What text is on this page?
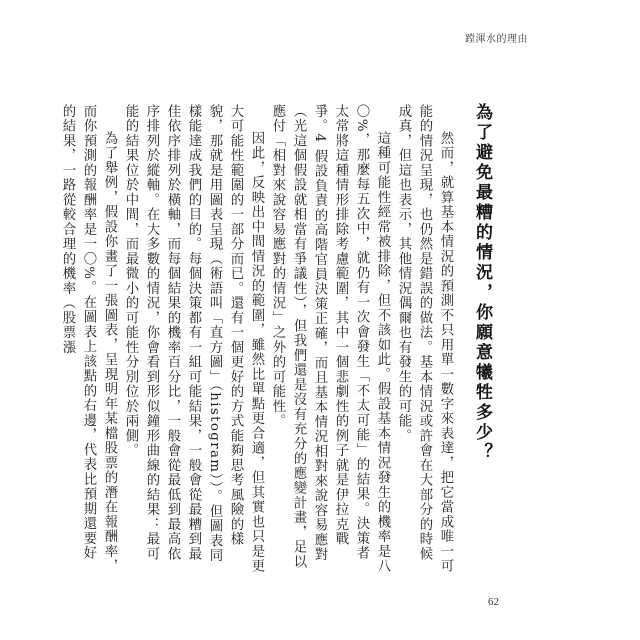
蹚渾水的理由
為了避免最糟的情況，你願意犧牲多少？

然而，就算基本情況的預測不只用單一數字來表達，把它當成唯一可能的情況呈現，也仍然是錯誤的做法。基本情況或許會在大部分的時候成真，但這也表示，其他情況偶爾也有發生的可能。

這種可能性經常被排除，但不該如此。假設基本情況發生的機率是八〇%，那麼每五次中，就仍有一次會發生「不太可能」的結果。決策者太常將這種情形排除考慮範圍，其中一個悲劇性的例子就是伊拉克戰爭。4 假設負責的高階官員決策正確，而且基本情況相對來說容易應對（光這個假設就相當有爭議性），但我們還是沒有充分的應變計畫，足以應付「相對來說容易應對的情況」之外的可能性。

因此，反映出中間情況的範圍，雖然比單點更合適，但其實也只是更大可能性範圍的一部分而已。還有一個更好的方式能夠思考風險的樣貌，那就是用圖表呈現（術語叫「直方圖」（histogram））。但圖表同樣能達成我們的目的。每個決策都有一組可能結果，一般會從最糟到最佳依序排列於橫軸，而每個結果的機率百分比，一般會從最低到最高依序排列於縱軸。在大多數的情況，你會看到形似鐘形曲線的結果：最可能的結果位於中間，而最微小的可能性分別位於兩側。

為了舉例，假設你畫了一張圖表，呈現明年某檔股票的潛在報酬率，而你預測的報酬率是一〇%。在圖表上該點的右邊，代表比預期還要好的結果，一路從較合理的機率（股票漲

62
